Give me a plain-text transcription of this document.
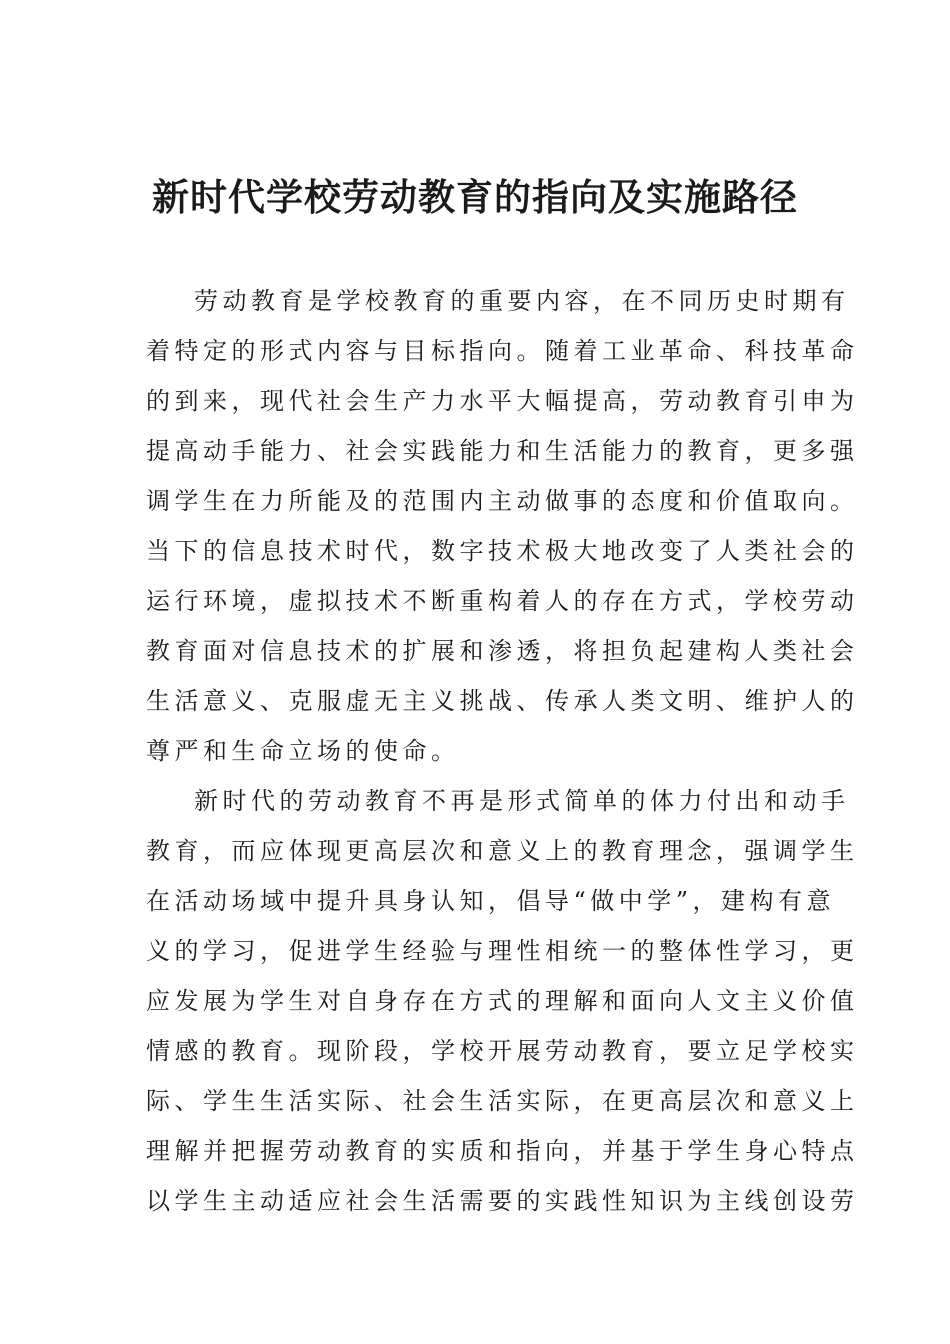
新时代学校劳动教育的指向及实施路径

劳动教育是学校教育的重要内容，在不同历史时期有
着特定的形式内容与目标指向。随着工业革命、科技革命
的到来，现代社会生产力水平大幅提高，劳动教育引申为
提高动手能力、社会实践能力和生活能力的教育，更多强
调学生在力所能及的范围内主动做事的态度和价值取向。
当下的信息技术时代，数字技术极大地改变了人类社会的
运行环境，虚拟技术不断重构着人的存在方式，学校劳动
教育面对信息技术的扩展和渗透，将担负起建构人类社会
生活意义、克服虚无主义挑战、传承人类文明、维护人的
尊严和生命立场的使命。

新时代的劳动教育不再是形式简单的体力付出和动手
教育，而应体现更高层次和意义上的教育理念，强调学生
在活动场域中提升具身认知，倡导“做中学”，建构有意
义的学习，促进学生经验与理性相统一的整体性学习，更
应发展为学生对自身存在方式的理解和面向人文主义价值
情感的教育。现阶段，学校开展劳动教育，要立足学校实
际、学生生活实际、社会生活实际，在更高层次和意义上
理解并把握劳动教育的实质和指向，并基于学生身心特点
以学生主动适应社会生活需要的实践性知识为主线创设劳
